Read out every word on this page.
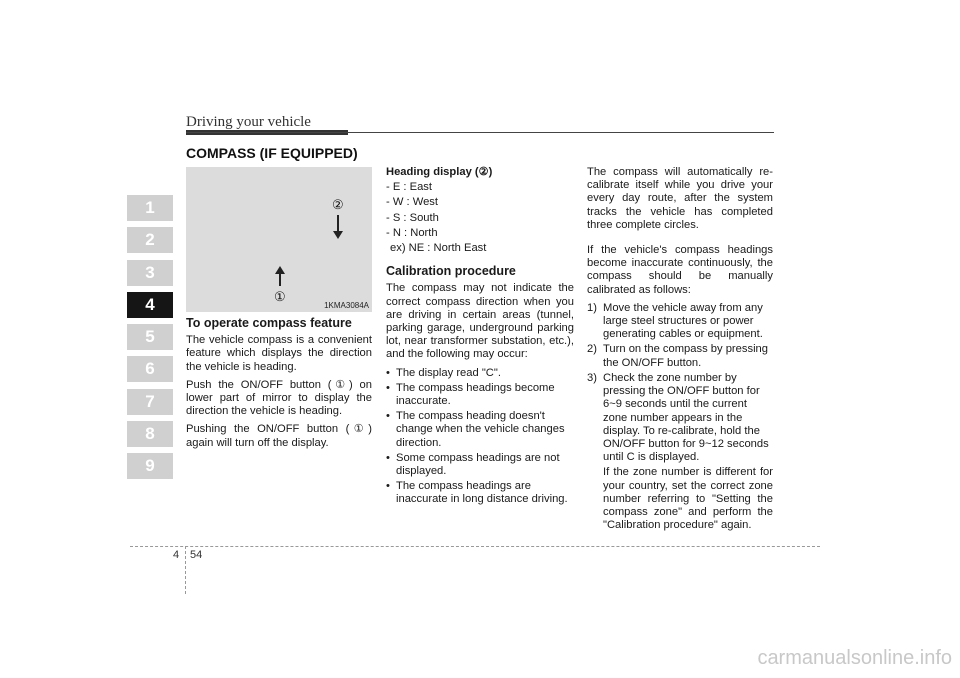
Driving your vehicle
1
2
3
4
5
6
7
8
9
COMPASS (IF EQUIPPED)
②
①
1KMA3084A
To operate compass feature

The vehicle compass is a convenient feature which displays the direction the vehicle is heading.

Push the ON/OFF button (①) on lower part of mirror to display the direction the vehicle is heading.

Pushing the ON/OFF button (①) again will turn off the display.

Heading display (②)
- E : East
- W : West
- S : South
- N : North
ex) NE : North East
Calibration procedure

The compass may not indicate the correct compass direction when you are driving in certain areas (tunnel, parking garage, underground parking lot, near transformer substation, etc.), and the following may occur:

• The display read "C".
• The compass headings become inaccurate.
• The compass heading doesn't change when the vehicle changes direction.
• Some compass headings are not displayed.
• The compass headings are inaccurate in long distance driving.

The compass will automatically re-calibrate itself while you drive your every day route, after the system tracks the vehicle has completed three complete circles.

If the vehicle's compass headings become inaccurate continuously, the compass should be manually calibrated as follows:

1) Move the vehicle away from any large steel structures or power generating cables or equipment.
2) Turn on the compass by pressing the ON/OFF button.
3) Check the zone number by pressing the ON/OFF button for 6~9 seconds until the current zone number appears in the display. To re-calibrate, hold the ON/OFF button for 9~12 seconds until C is displayed.

If the zone number is different for your country, set the correct zone number referring to "Setting the compass zone" and perform the "Calibration procedure" again.

4 54
carmanualsonline.info
